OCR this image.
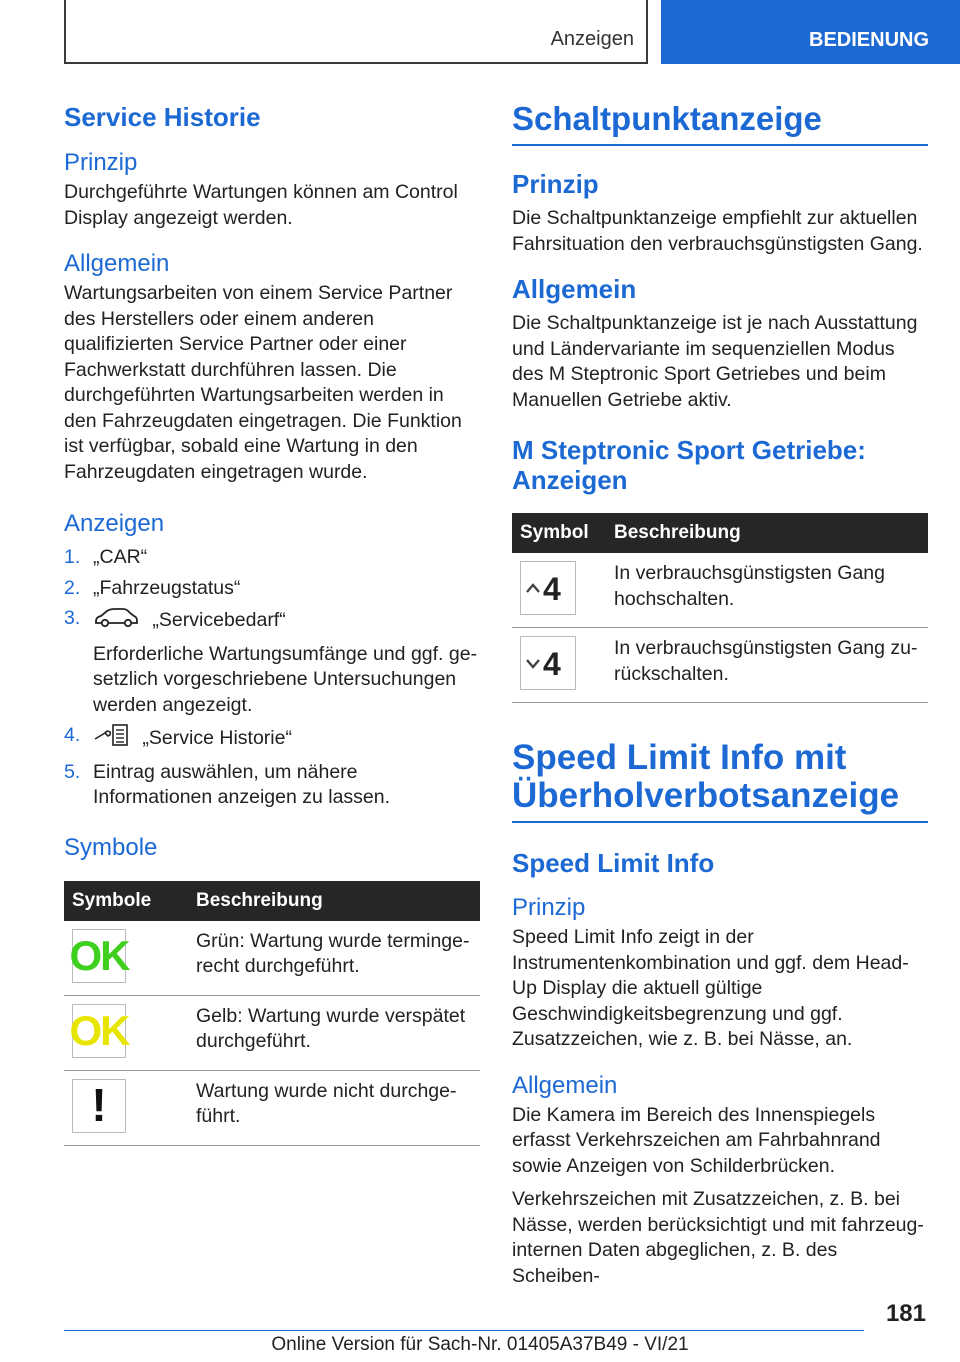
Anzeigen	BEDIENUNG
Service Historie
Prinzip

Durchgeführte Wartungen können am Control Display angezeigt werden.

Allgemein

Wartungsarbeiten von einem Service Partner des Herstellers oder einem anderen qualifizierten Service Partner oder einer Fachwerkstatt durchführen lassen. Die durchgeführten Wartungsarbeiten werden in den Fahrzeugdaten eingetragen. Die Funktion ist verfügbar, sobald eine Wartung in den Fahrzeugdaten eingetragen wurde.

Anzeigen
1. „CAR“
2. „Fahrzeugstatus“
3.	„Servicebedarf“
Erforderliche Wartungsumfänge und ggf. gesetzlich vorgeschriebene Untersuchungen werden angezeigt.
4.	„Service Historie“
5. Eintrag auswählen, um nähere Informationen anzeigen zu lassen.
Symbole
Symbole	Beschreibung

OK	Grün: Wartung wurde termingerecht durchgeführt.

OK	Gelb: Wartung wurde verspätet durchgeführt.

!	Wartung wurde nicht durchgeführt.
Schaltpunktanzeige
Prinzip

Die Schaltpunktanzeige empfiehlt zur aktuellen Fahrsituation den verbrauchsgünstigsten Gang.

Allgemein

Die Schaltpunktanzeige ist je nach Ausstattung und Ländervariante im sequenziellen Modus des M Steptronic Sport Getriebes und beim Manuellen Getriebe aktiv.

M Steptronic Sport Getriebe: Anzeigen
Symbol	Beschreibung

4	In verbrauchsgünstigsten Gang hochschalten.

4	In verbrauchsgünstigsten Gang zurückschalten.
Speed Limit Info mit Überholverbotsanzeige
Speed Limit Info
Prinzip

Speed Limit Info zeigt in der Instrumentenkombination und ggf. dem Head-Up Display die aktuell gültige Geschwindigkeitsbegrenzung und ggf. Zusatzzeichen, wie z. B. bei Nässe, an.

Allgemein

Die Kamera im Bereich des Innenspiegels erfasst Verkehrszeichen am Fahrbahnrand sowie Anzeigen von Schilderbrücken.

Verkehrszeichen mit Zusatzzeichen, z. B. bei Nässe, werden berücksichtigt und mit fahrzeuginternen Daten abgeglichen, z. B. des Scheiben-

181
Online Version für Sach-Nr. 01405A37B49 - VI/21
